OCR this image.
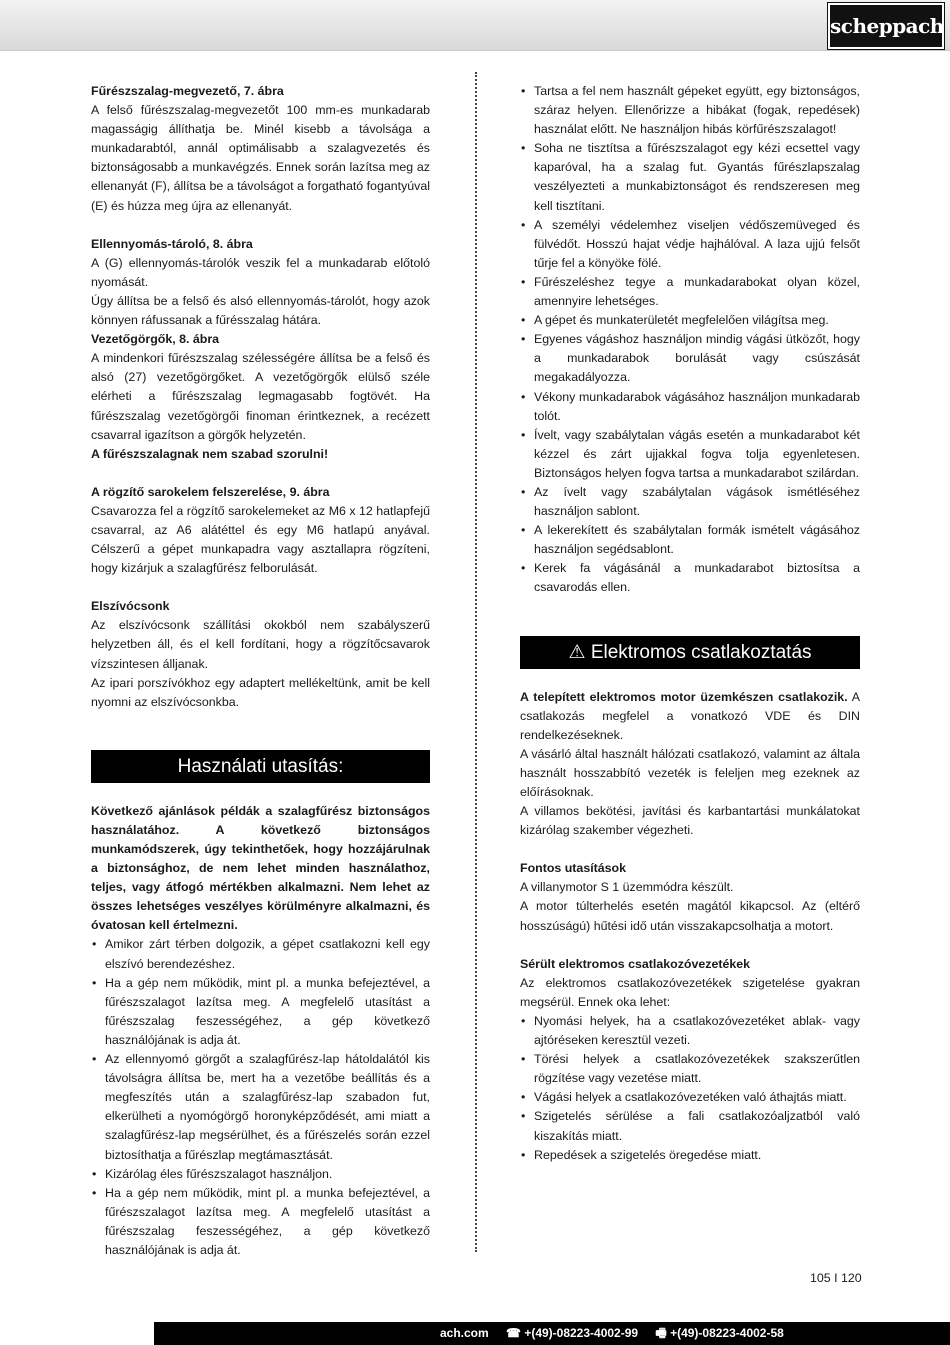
scheppach

Fűrészszalag-megvezető, 7. ábra

A felső fűrészszalag-megvezetőt 100 mm-es munkadarab magasságig állíthatja be. Minél kisebb a távolsága a munkadarabtól, annál optimálisabb a szalagvezetés és biztonságosabb a munkavégzés. Ennek során lazítsa meg az ellenanyát (F), állítsa be a távolságot a forgatható fogantyúval (E) és húzza meg újra az ellenanyát.

Ellennyomás-tároló, 8. ábra

A (G) ellennyomás-tárolók veszik fel a munkadarab előtoló nyomását.

Úgy állítsa be a felső és alsó ellennyomás-tárolót, hogy azok könnyen ráfussanak a fűrésszalag hátára.

Vezetőgörgők, 8. ábra

A mindenkori fűrészszalag szélességére állítsa be a felső és alsó (27) vezetőgörgőket. A vezetőgörgők elülső széle elérheti a fűrészszalag legmagasabb fogtövét. Ha fűrészszalag vezetőgörgői finoman érintkeznek, a recézett csavarral igazítson a görgők helyzetén.

A fűrészszalagnak nem szabad szorulni!

A rögzítő sarokelem felszerelése, 9. ábra

Csavarozza fel a rögzítő sarokelemeket az M6 x 12 hatlapfejű csavarral, az A6 alátéttel és egy M6 hatlapú anyával. Célszerű a gépet munkapadra vagy asztallapra rögzíteni, hogy kizárjuk a szalagfűrész felborulását.

Elszívócsonk

Az elszívócsonk szállítási okokból nem szabályszerű helyzetben áll, és el kell fordítani, hogy a rögzítőcsavarok vízszintesen álljanak.

Az ipari porszívókhoz egy adaptert mellékeltünk, amit be kell nyomni az elszívócsonkba.

Használati utasítás:

Következő ajánlások példák a szalagfűrész biztonságos használatához. A következő biztonságos munkamódszerek, úgy tekinthetőek, hogy hozzájárulnak a biztonsághoz, de nem lehet minden használathoz, teljes, vagy átfogó mértékben alkalmazni. Nem lehet az összes lehetséges veszélyes körülményre alkalmazni, és óvatosan kell értelmezni.

• Amikor zárt térben dolgozik, a gépet csatlakozni kell egy elszívó berendezéshez.
• Ha a gép nem működik, mint pl. a munka befejeztével, a fűrészszalagot lazítsa meg. A megfelelő utasítást a fűrészszalag feszességéhez, a gép következő használójának is adja át.
• Az ellennyomó görgőt a szalagfűrész-lap hátoldalától kis távolságra állítsa be, mert ha a vezetőbe beállítás és a megfeszítés után a szalagfűrész-lap szabadon fut, elkerülheti a nyomógörgő horonyképződését, ami miatt a szalagfűrész-lap megsérülhet, és a fűrészelés során ezzel biztosíthatja a fűrészlap megtámasztását.
• Kizárólag éles fűrészszalagot használjon.
• Ha a gép nem működik, mint pl. a munka befejeztével, a fűrészszalagot lazítsa meg. A megfelelő utasítást a fűrészszalag feszességéhez, a gép következő használójának is adja át.
• Tartsa a fel nem használt gépeket együtt, egy biztonságos, száraz helyen. Ellenőrizze a hibákat (fogak, repedések) használat előtt. Ne használjon hibás körfűrészszalagot!
• Soha ne tisztítsa a fűrészszalagot egy kézi ecsettel vagy kaparóval, ha a szalag fut. Gyantás fűrészlapszalag veszélyezteti a munkabiztonságot és rendszeresen meg kell tisztítani.
• A személyi védelemhez viseljen védőszemüveged és fülvédőt. Hosszú hajat védje hajhálóval. A laza ujjú felsőt tűrje fel a könyöke fölé.
• Fűrészeléshez tegye a munkadarabokat olyan közel, amennyire lehetséges.
• A gépet és munkaterületét megfelelően világítsa meg.
• Egyenes vágáshoz használjon mindig vágási ütközőt, hogy a munkadarabok borulását vagy csúszását megakadályozza.
• Vékony munkadarabok vágásához használjon munkadarab tolót.
• Ívelt, vagy szabálytalan vágás esetén a munkadarabot két kézzel és zárt ujjakkal fogva tolja egyenletesen. Biztonságos helyen fogva tartsa a munkadarabot szilárdan.
• Az ívelt vagy szabálytalan vágások ismétléséhez használjon sablont.
• A lekerekített és szabálytalan formák ismételt vágásához használjon segédsablont.
• Kerek fa vágásánál a munkadarabot biztosítsa a csavarodás ellen.
⚠ Elektromos csatlakoztatás

A telepített elektromos motor üzemkészen csatlakozik. A csatlakozás megfelel a vonatkozó VDE és DIN rendelkezéseknek.

A vásárló által használt hálózati csatlakozó, valamint az általa használt hosszabbító vezeték is feleljen meg ezeknek az előírásoknak.

A villamos bekötési, javítási és karbantartási munkálatokat kizárólag szakember végezheti.

Fontos utasítások

A villanymotor S 1 üzemmódra készült.

A motor túlterhelés esetén magától kikapcsol. Az (eltérő hosszúságú) hűtési idő után visszakapcsolhatja a motort.

Sérült elektromos csatlakozóvezetékek

Az elektromos csatlakozóvezetékek szigetelése gyakran megsérül. Ennek oka lehet:

• Nyomási helyek, ha a csatlakozóvezetéket ablak- vagy ajtóréseken keresztül vezeti.
• Törési helyek a csatlakozóvezetékek szakszerűtlen rögzítése vagy vezetése miatt.
• Vágási helyek a csatlakozóvezetéken való áthajtás miatt.
• Szigetelés sérülése a fali csatlakozóaljzatból való kiszakítás miatt.
• Repedések a szigetelés öregedése miatt.
105 I 120
ach.com ☎ +(49)-08223-4002-99 🖷 +(49)-08223-4002-58
